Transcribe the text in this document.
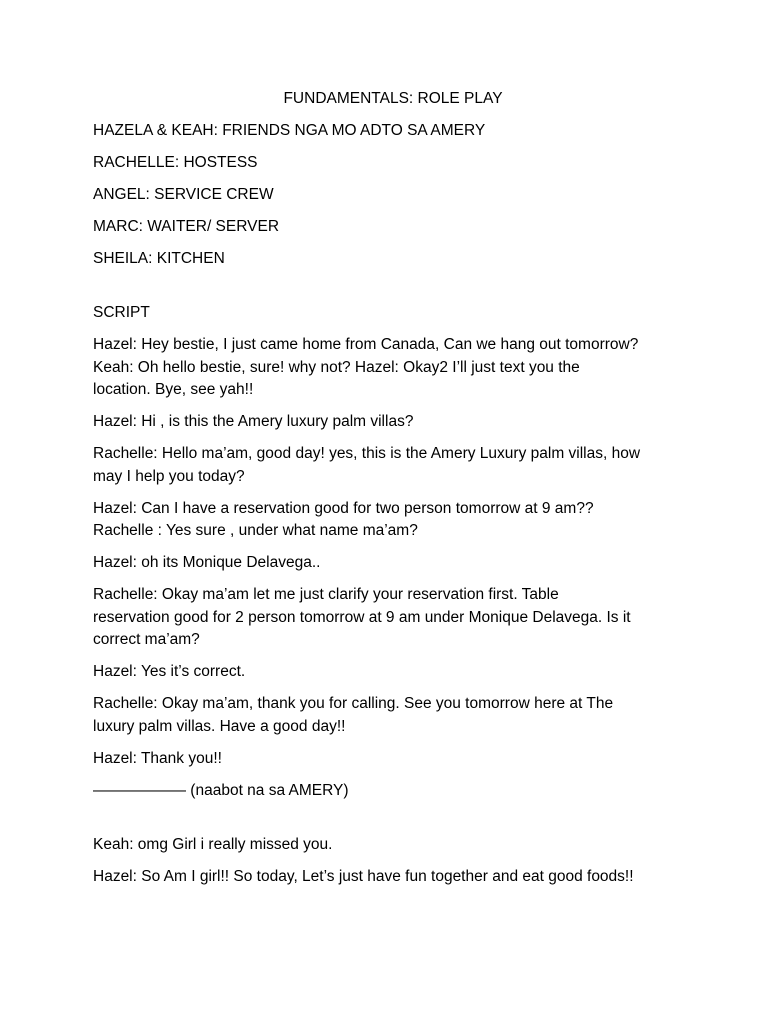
FUNDAMENTALS: ROLE PLAY
HAZELA & KEAH: FRIENDS NGA MO ADTO SA AMERY
RACHELLE: HOSTESS
ANGEL: SERVICE CREW
MARC: WAITER/ SERVER
SHEILA: KITCHEN
SCRIPT
Hazel: Hey bestie, I just came home from Canada, Can we hang out tomorrow?
Keah: Oh hello bestie, sure! why not? Hazel: Okay2 I’ll just text you the
location. Bye, see yah!!
Hazel: Hi , is this the Amery luxury palm villas?
Rachelle: Hello ma’am, good day! yes, this is the Amery Luxury palm villas, how
may I help you today?
Hazel: Can I have a reservation good for two person tomorrow at 9 am??
Rachelle : Yes sure , under what name ma’am?
Hazel: oh its Monique Delavega..
Rachelle: Okay ma’am let me just clarify your reservation first. Table
reservation good for 2 person tomorrow at 9 am under Monique Delavega. Is it
correct ma’am?
Hazel: Yes it’s correct.
Rachelle: Okay ma’am, thank you for calling. See you tomorrow here at The
luxury palm villas. Have a good day!!
Hazel: Thank you!!
—————— (naabot na sa AMERY)
Keah: omg Girl i really missed you.
Hazel: So Am I girl!! So today, Let’s just have fun together and eat good foods!!
